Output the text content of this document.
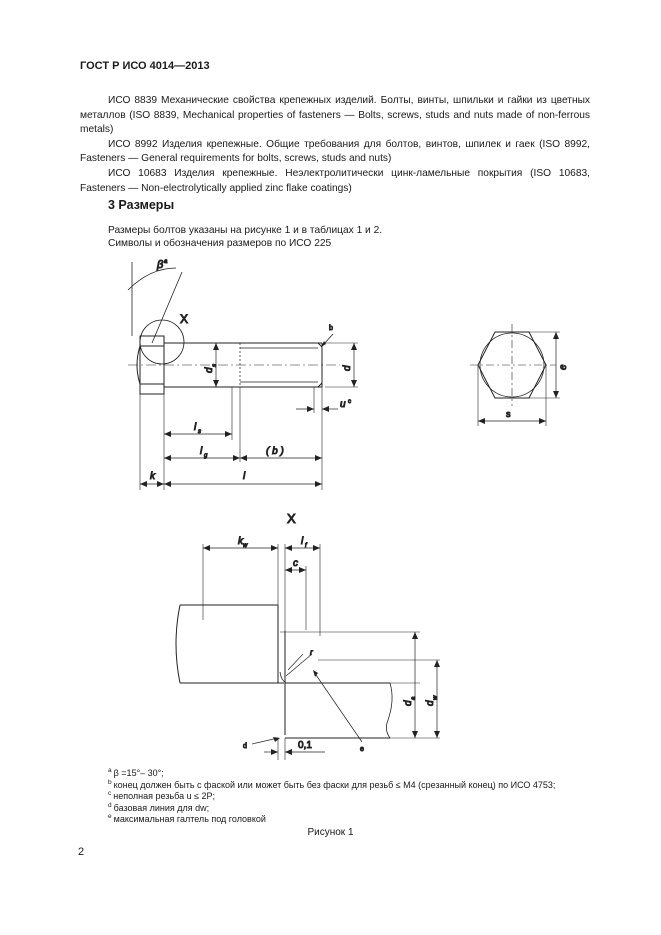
ГОСТ Р ИСО 4014—2013

ИСО 8839 Механические свойства крепежных изделий. Болты, винты, шпильки и гайки из цветных металлов (ISO 8839, Mechanical properties of fasteners — Bolts, screws, studs and nuts made of non-ferrous metals)

ИСО 8992 Изделия крепежные. Общие требования для болтов, винтов, шпилек и гаек (ISO 8992, Fasteners — General requirements for bolts, screws, studs and nuts)

ИСО 10683 Изделия крепежные. Неэлектролитически цинк-ламельные покрытия (ISO 10683, Fasteners — Non-electrolytically applied zinc flake coatings)

3 Размеры
Размеры болтов указаны на рисунке 1 и в таблицах 1 и 2.
Символы и обозначения размеров по ИСО 225
β a
X
b
d
s	d
u c
l s
l g	( b )
k	l
e
s
X
k w	l f
c
r
d
a
d
w
d	e
0,1
$^a$ β =15°– 30°;
$^b$ конец должен быть с фаской или может быть без фаски для резьб ≤ М4 (срезанный конец) по ИСО 4753;
$^c$ неполная резьба u ≤ 2P;
$^d$ базовая линия для dw;
$^e$ максимальная галтель под головкой
Рисунок 1
2
